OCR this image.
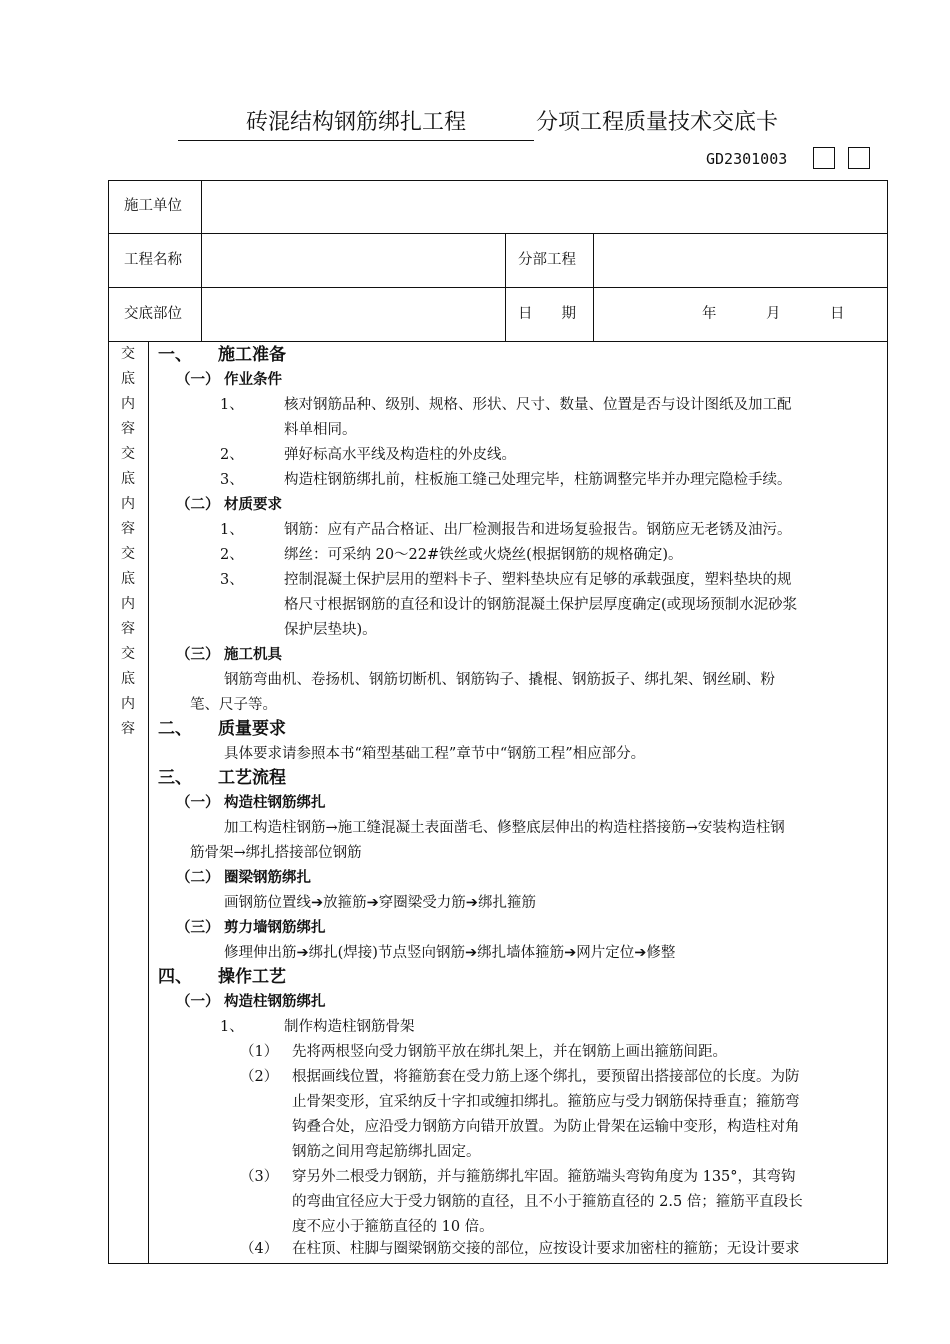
砖混结构钢筋绑扎工程	分项工程质量技术交底卡
GD2301003
施工单位
工程名称	分部工程
交底部位	日　　期	年	月	日
交
底
内
容
交
底
内
容
交
底
内
容
交
底
内
容
一、 施工准备
（一） 作业条件
1、	核对钢筋品种、级别、规格、形状、尺寸、数量、位置是否与设计图纸及加工配
料单相同。
2、	弹好标高水平线及构造柱的外皮线。
3、	构造柱钢筋绑扎前，柱板施工缝己处理完毕，柱筋调整完毕并办理完隐检手续。
（二） 材质要求
1、	钢筋：应有产品合格证、出厂检测报告和进场复验报告。钢筋应无老锈及油污。
2、	绑丝：可采纳 20～22#铁丝或火烧丝(根据钢筋的规格确定)。
3、	控制混凝土保护层用的塑料卡子、塑料垫块应有足够的承载强度，塑料垫块的规
格尺寸根据钢筋的直径和设计的钢筋混凝土保护层厚度确定(或现场预制水泥砂浆
保护层垫块)。
（三） 施工机具
钢筋弯曲机、卷扬机、钢筋切断机、钢筋钩子、撬棍、钢筋扳子、绑扎架、钢丝刷、粉
笔、尺子等。
二、 质量要求
具体要求请参照本书“箱型基础工程”章节中“钢筋工程”相应部分。
三、 工艺流程
（一） 构造柱钢筋绑扎
加工构造柱钢筋→施工缝混凝土表面凿毛、修整底层伸出的构造柱搭接筋→安装构造柱钢
筋骨架→绑扎搭接部位钢筋
（二） 圈梁钢筋绑扎
画钢筋位置线➔放箍筋➔穿圈梁受力筋➔绑扎箍筋
（三） 剪力墙钢筋绑扎
修理伸出筋➔绑扎(焊接)节点竖向钢筋➔绑扎墙体箍筋➔网片定位➔修整
四、 操作工艺
（一） 构造柱钢筋绑扎
1、	制作构造柱钢筋骨架
（1） 先将两根竖向受力钢筋平放在绑扎架上，并在钢筋上画出箍筋间距。
（2） 根据画线位置，将箍筋套在受力筋上逐个绑扎，要预留出搭接部位的长度。为防
止骨架变形，宜采纳反十字扣或缠扣绑扎。箍筋应与受力钢筋保持垂直；箍筋弯
钩叠合处，应沿受力钢筋方向错开放置。为防止骨架在运输中变形，构造柱对角
钢筋之间用弯起筋绑扎固定。
（3） 穿另外二根受力钢筋，并与箍筋绑扎牢固。箍筋端头弯钩角度为 135°，其弯钩
的弯曲宜径应大于受力钢筋的直径，且不小于箍筋直径的 2.5 倍；箍筋平直段长
度不应小于箍筋直径的 10 倍。
（4） 在柱顶、柱脚与圈梁钢筋交接的部位，应按设计要求加密柱的箍筋；无设计要求
